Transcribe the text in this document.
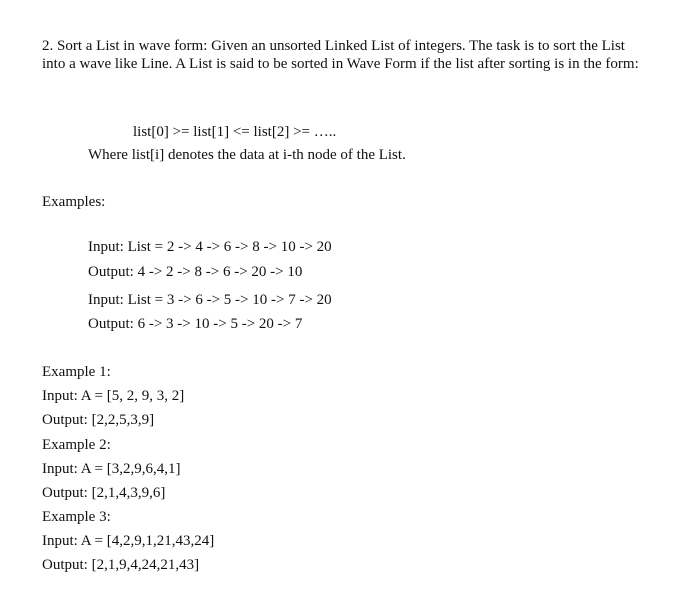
2. Sort a List in wave form: Given an unsorted Linked List of integers. The task is to sort the List into a wave like Line. A List is said to be sorted in Wave Form if the list after sorting is in the form:
list[0] >= list[1] <= list[2] >= …..
Where list[i] denotes the data at i-th node of the List.
Examples:
Input: List = 2 -> 4 -> 6 -> 8 -> 10 -> 20
Output: 4 -> 2 -> 8 -> 6 -> 20 -> 10
Input: List = 3 -> 6 -> 5 -> 10 -> 7 -> 20
Output: 6 -> 3 -> 10 -> 5 -> 20 -> 7
Example 1:
Input: A = [5, 2, 9, 3, 2]
Output: [2,2,5,3,9]
Example 2:
Input: A = [3,2,9,6,4,1]
Output: [2,1,4,3,9,6]
Example 3:
Input: A = [4,2,9,1,21,43,24]
Output: [2,1,9,4,24,21,43]
